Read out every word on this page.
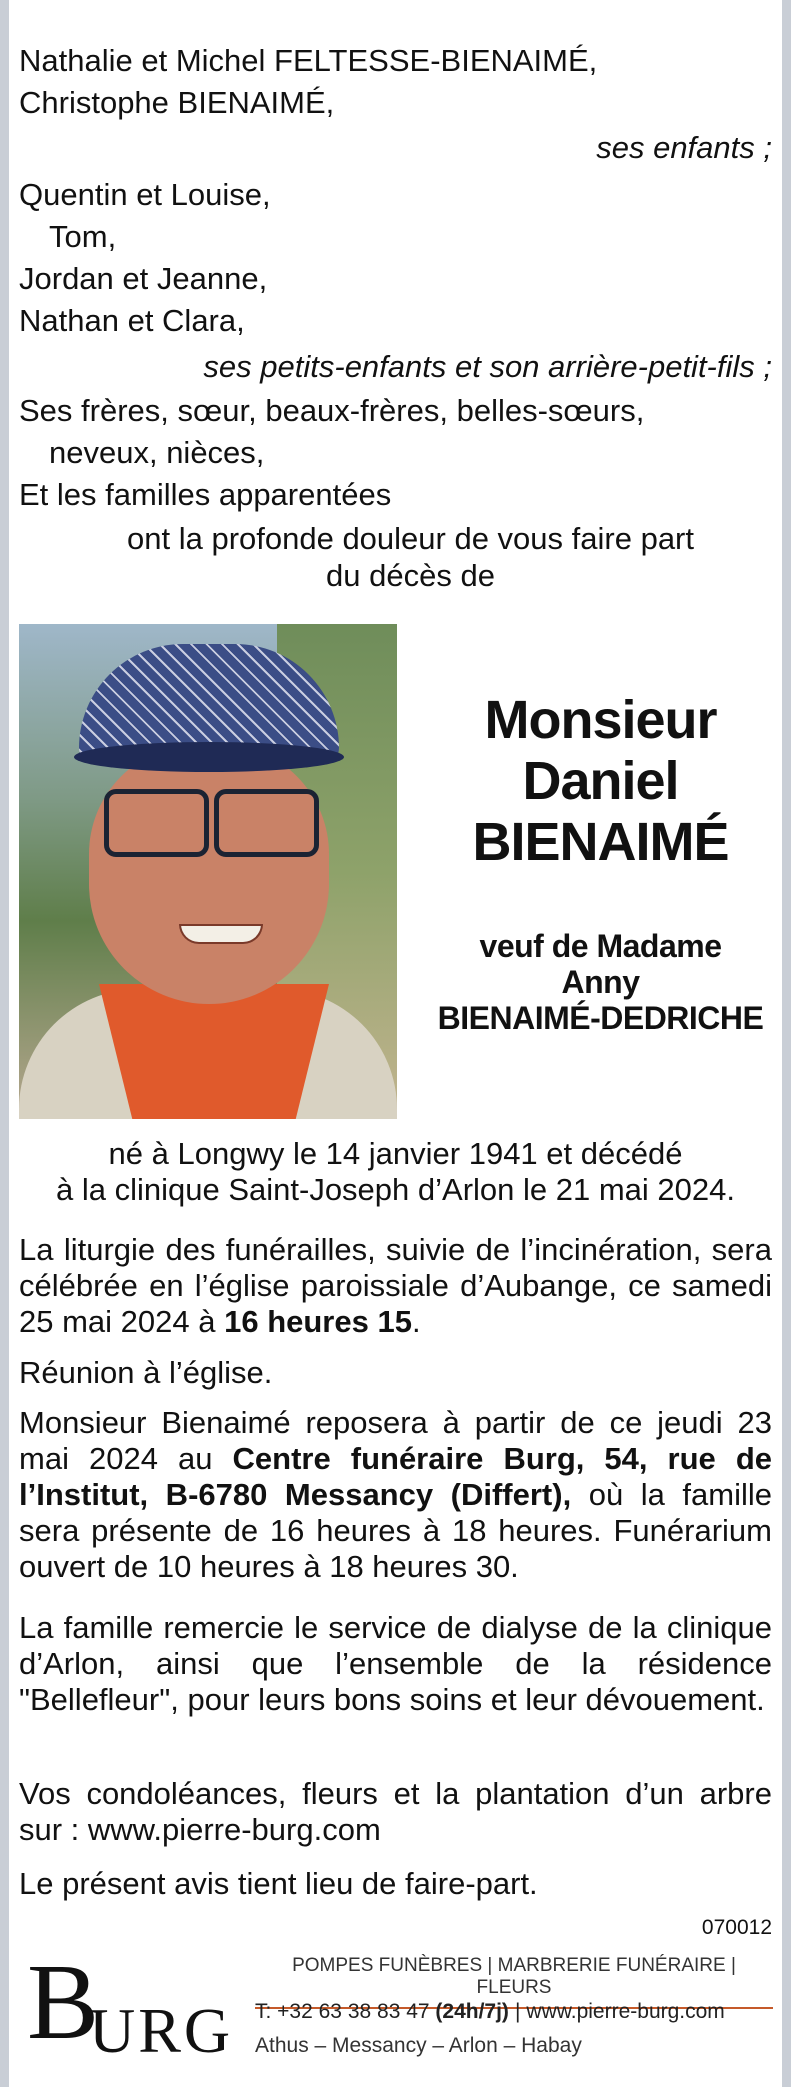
Nathalie et Michel FELTESSE-BIENAIMÉ,
Christophe BIENAIMÉ,
ses enfants ;
Quentin et Louise,
Tom,
Jordan et Jeanne,
Nathan et Clara,
ses petits-enfants et son arrière-petit-fils ;
Ses frères, sœur, beaux-frères, belles-sœurs,
neveux, nièces,
Et les familles apparentées
ont la profonde douleur de vous faire part
du décès de
Monsieur
Daniel
BIENAIMÉ
veuf de Madame
Anny
BIENAIMÉ-DEDRICHE
né à Longwy le 14 janvier 1941 et décédé
à la clinique Saint-Joseph d’Arlon le 21 mai 2024.
La liturgie des funérailles, suivie de l’incinération, sera célébrée en l’église paroissiale d’Aubange, ce samedi 25 mai 2024 à 16 heures 15.
Réunion à l’église.
Monsieur Bienaimé reposera à partir de ce jeudi 23 mai 2024 au Centre funéraire Burg, 54, rue de l’Institut, B-6780 Messancy (Differt), où la famille sera présente de 16 heures à 18 heures. Funérarium ouvert de 10 heures à 18 heures 30.
La famille remercie le service de dialyse de la clinique d’Arlon, ainsi que l’ensemble de la résidence "Bellefleur", pour leurs bons soins et leur dévouement.
Vos condoléances, fleurs et la plantation d’un arbre sur : www.pierre-burg.com
Le présent avis tient lieu de faire-part.
070012
B
URG
POMPES FUNÈBRES | MARBRERIE FUNÉRAIRE | FLEURS
T: +32 63 38 83 47 (24h/7j) | www.pierre-burg.com
Athus – Messancy – Arlon – Habay
